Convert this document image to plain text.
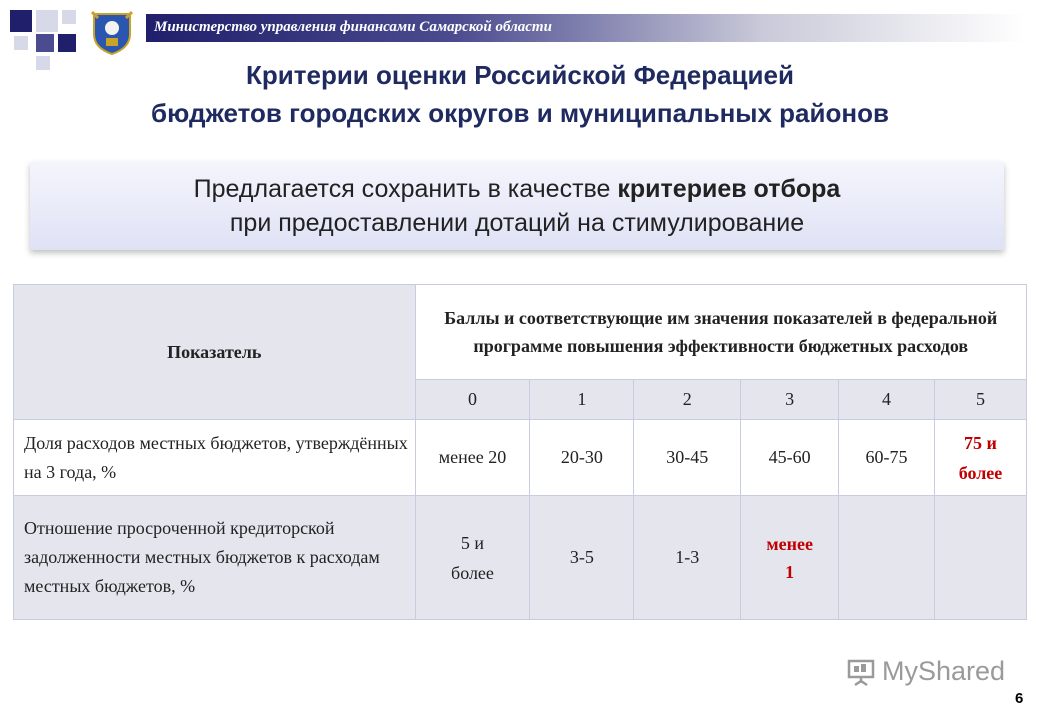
Министерство управления финансами Самарской области
Критерии оценки Российской Федерацией
бюджетов городских округов и муниципальных районов
Предлагается сохранить в качестве критериев отбора
при предоставлении дотаций на стимулирование
Показатель	Баллы и соответствующие им значения показателей в федеральной программе повышения эффективности бюджетных расходов					
	0	1	2	3	4	5
Доля расходов местных бюджетов, утверждённых на 3 года, %	менее 20	20-30	30-45	45-60	60-75	75 и более
Отношение просроченной кредиторской задолженности местных бюджетов к расходам местных бюджетов, %	5 и более	3-5	1-3	менее 1		
MyShared
6
